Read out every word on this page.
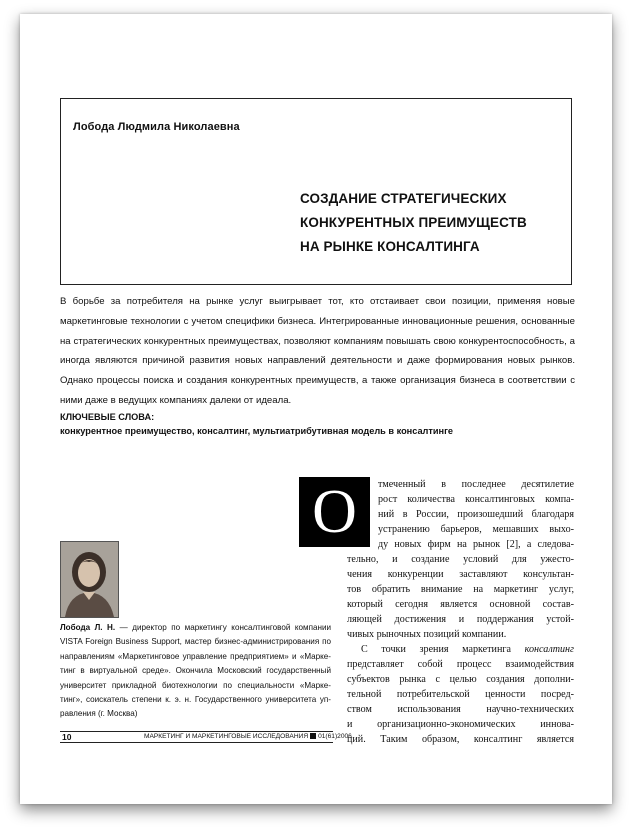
Лобода Людмила Николаевна
СОЗДАНИЕ СТРАТЕГИЧЕСКИХ
КОНКУРЕНТНЫХ ПРЕИМУЩЕСТВ
НА РЫНКЕ КОНСАЛТИНГА
В борьбе за потребителя на рынке услуг выигрывает тот, кто отстаивает свои позиции, применяя новые маркетинговые технологии с учетом специфики бизнеса. Интегрированные инновационные решения, основанные на стратегических конкурентных преимуществах, позволяют компаниям повышать свою конкурентоспособность, а иногда являются причиной развития новых направлений деятельности и даже формирования новых рынков. Однако процессы поиска и создания конкурентных преимуществ, а также организация бизнеса в соответствии с ними даже в ведущих компаниях далеки от идеала.
КЛЮЧЕВЫЕ СЛОВА:
конкурентное преимущество, консалтинг, мультиатрибутивная модель в консалтинге
О	тмеченный в последнее десятилетие
рост количества консалтинговых компа-
ний в России, произошедший благодаря
устранению барьеров, мешавших выхо-
ду новых фирм на рынок [2], а следова-
тельно, и создание условий для ужесто-
чения конкуренции заставляют консультан-
тов обратить внимание на маркетинг услуг,
который сегодня является основной состав-
ляющей достижения и поддержания устой-
чивых рыночных позиций компании.
С точки зрения маркетинга консалтинг
представляет собой процесс взаимодействия
субъектов рынка с целью создания дополни-
тельной потребительской ценности посред-
ством использования научно-технических
и организационно-экономических иннова-
ций. Таким образом, консалтинг является
Лобода Л. Н. — директор по маркетингу консалтинговой компании
VISTA Foreign Business Support, мастер бизнес-администрирования по
направлениям «Маркетинговое управление предприятием» и «Марке-
тинг в виртуальной среде». Окончила Московский государственный
университет прикладной биотехнологии по специальности «Марке-
тинг», соискатель степени к. э. н. Государственного университета уп-
равления (г. Москва)
10	МАРКЕТИНГ И МАРКЕТИНГОВЫЕ ИССЛЕДОВАНИЯ 01(61)2006
